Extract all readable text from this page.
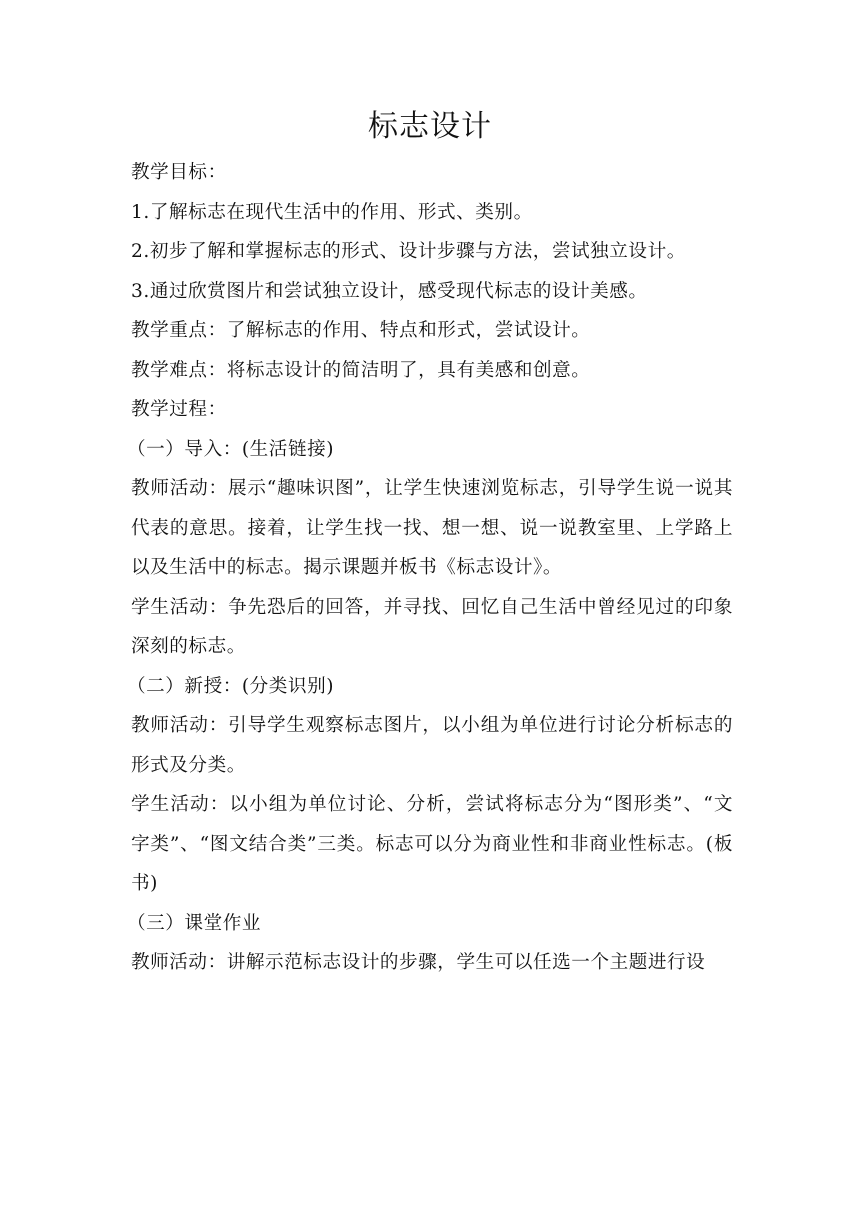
标志设计

教学目标：

1.了解标志在现代生活中的作用、形式、类别。

2.初步了解和掌握标志的形式、设计步骤与方法，尝试独立设计。

3.通过欣赏图片和尝试独立设计，感受现代标志的设计美感。

教学重点：了解标志的作用、特点和形式，尝试设计。

教学难点：将标志设计的简洁明了，具有美感和创意。

教学过程：

（一）导入：(生活链接)

教师活动：展示“趣味识图”，让学生快速浏览标志，引导学生说一说其代表的意思。接着，让学生找一找、想一想、说一说教室里、上学路上以及生活中的标志。揭示课题并板书《标志设计》。

学生活动：争先恐后的回答，并寻找、回忆自己生活中曾经见过的印象深刻的标志。

（二）新授：(分类识别)

教师活动：引导学生观察标志图片，以小组为单位进行讨论分析标志的形式及分类。

学生活动：以小组为单位讨论、分析，尝试将标志分为“图形类”、“文字类”、“图文结合类”三类。标志可以分为商业性和非商业性标志。(板书)

（三）课堂作业

教师活动：讲解示范标志设计的步骤，学生可以任选一个主题进行设
